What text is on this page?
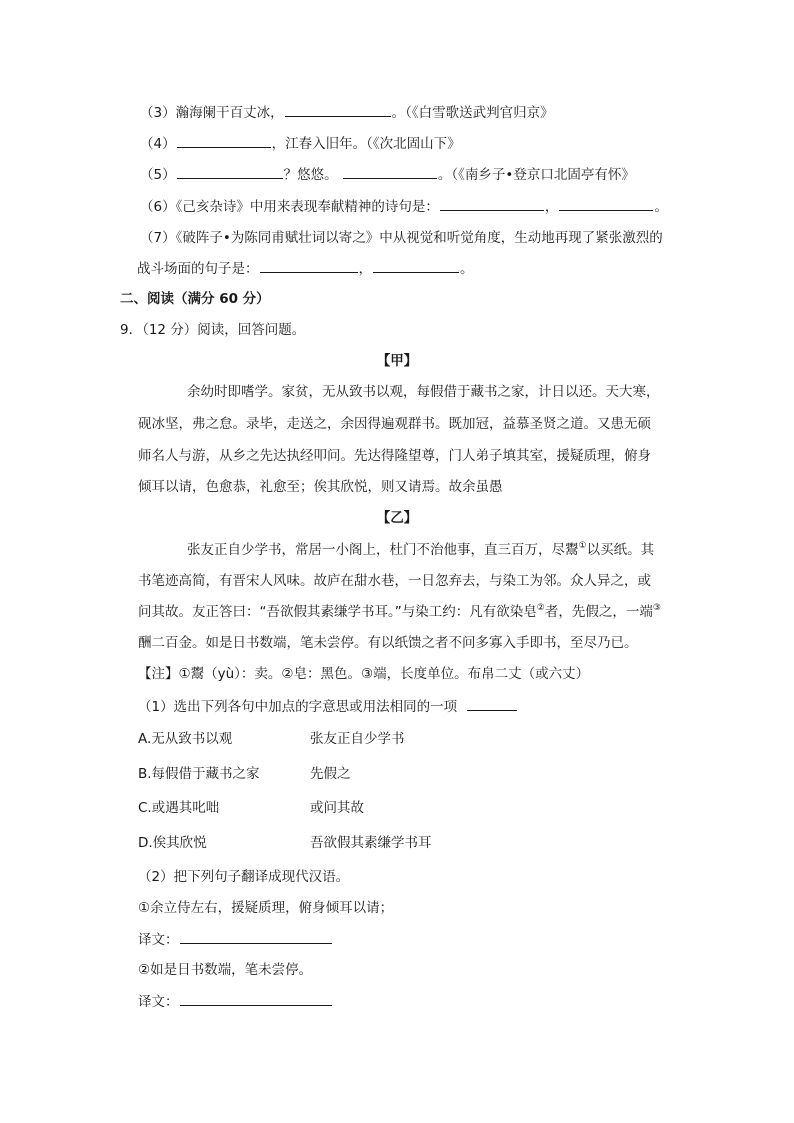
（3）瀚海阑干百丈冰，	。（《白雪歌送武判官归京》
（4）	，江春入旧年。（《次北固山下》
（5）	？悠悠。	。（《南乡子•登京口北固亭有怀》
（6）《己亥杂诗》中用来表现奉献精神的诗句是：	，	。
（7）《破阵子•为陈同甫赋壮词以寄之》中从视觉和听觉角度，生动地再现了紧张激烈的
战斗场面的句子是：	，	。
二、阅读（满分 60 分）
9．（12 分）阅读，回答问题。
【甲】
余幼时即嗜学。家贫，无从致书以观，每假借于藏书之家，计日以还。天大寒，
砚冰坚，弗之怠。录毕，走送之，余因得遍观群书。既加冠，益慕圣贤之道。又患无硕
师名人与游，从乡之先达执经叩问。先达得隆望尊，门人弟子填其室，援疑质理，俯身
倾耳以请，色愈恭，礼愈至；俟其欣悦，则又请焉。故余虽愚
【乙】
张友正自少学书，常居一小阁上，杜门不治他事，直三百万，尽鬻①以买纸。其
书笔迹高简，有晋宋人风味。故庐在甜水巷，一日忽弃去，与染工为邻。众人异之，或
问其故。友正答曰：“吾欲假其素缣学书耳。”与染工约：凡有欲染皂②者，先假之，一端③
酬二百金。如是日书数端，笔未尝停。有以纸馈之者不问多寡入手即书，至尽乃已。
【注】①鬻（yù）：卖。②皂：黑色。③端，长度单位。布帛二丈（或六丈）
（1）选出下列各句中加点的字意思或用法相同的一项
A.无从致书以观	张友正自少学书
B.每假借于藏书之家	先假之
C.或遇其叱咄	或问其故
D.俟其欣悦	吾欲假其素缣学书耳
（2）把下列句子翻译成现代汉语。
①余立侍左右，援疑质理，俯身倾耳以请；
译文：
②如是日书数端，笔未尝停。
译文：
